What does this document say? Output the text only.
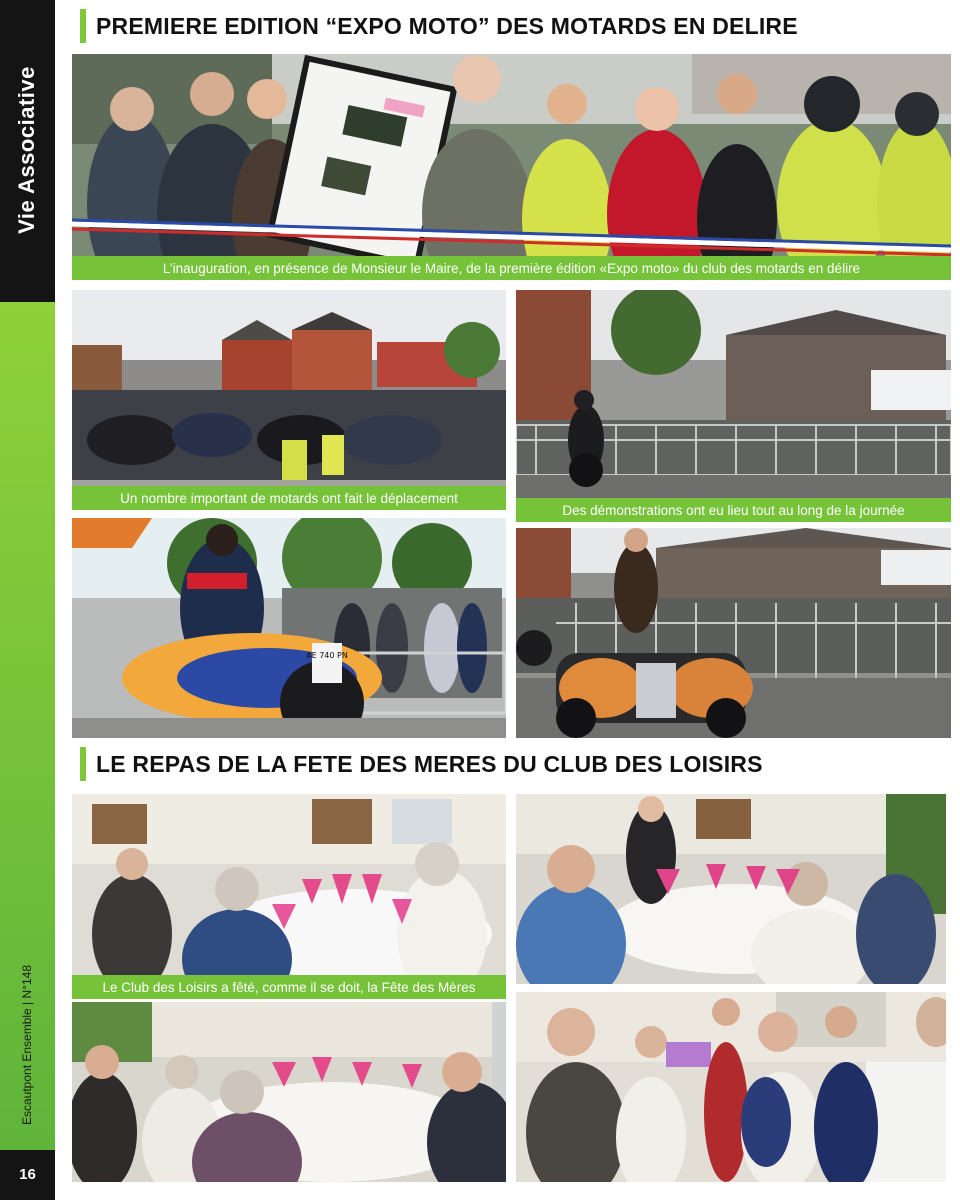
Vie Associative
Escautpont Ensemble | N°148
16
PREMIERE EDITION “EXPO MOTO” DES MOTARDS EN DELIRE
L’inauguration, en présence de Monsieur le Maire, de la première édition «Expo moto» du club des motards en délire
Un nombre important de motards ont fait le déplacement
Des démonstrations ont eu lieu tout au long de la journée
AE 740 PN
LE REPAS DE LA FETE DES MERES DU CLUB DES LOISIRS
Le Club des Loisirs a fêté, comme il se doit, la Fête des Mères
